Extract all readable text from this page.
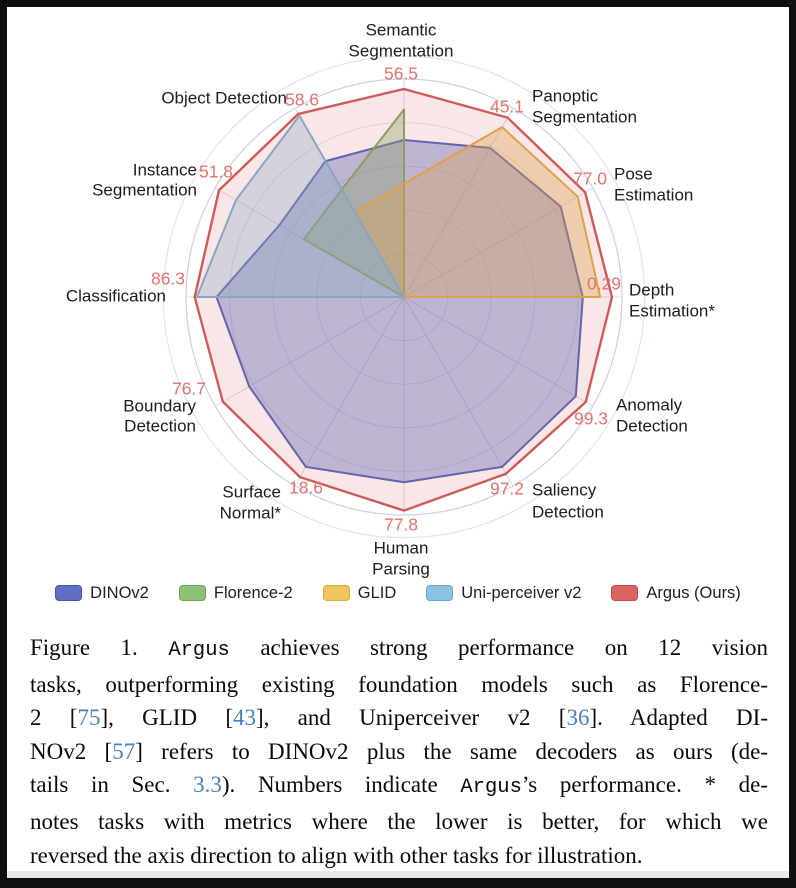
56.5
Semantic
Segmentation
45.1
Panoptic
Segmentation
77.0 Pose
Estimation
0.29 Depth
Estimation*
99.3
Anomaly
Detection
97.2 Saliency
Detection
77.8
Human
Parsing
18.6
Surface
Normal*
76.7
Boundary
Detection
86.3
Classification
51.8
Instance
Segmentation
58.6
Object Detection
DINOv2	Florence-2	GLID	Uni-perceiver v2	Argus (Ours)
Figure 1. Argus achieves strong performance on 12 vision
tasks, outperforming existing foundation models such as Florence-
2 [75], GLID [43], and Uniperceiver v2 [36]. Adapted DI-
NOv2 [57] refers to DINOv2 plus the same decoders as ours (de-
tails in Sec. 3.3). Numbers indicate Argus’s performance. * de-
notes tasks with metrics where the lower is better, for which we
reversed the axis direction to align with other tasks for illustration.
